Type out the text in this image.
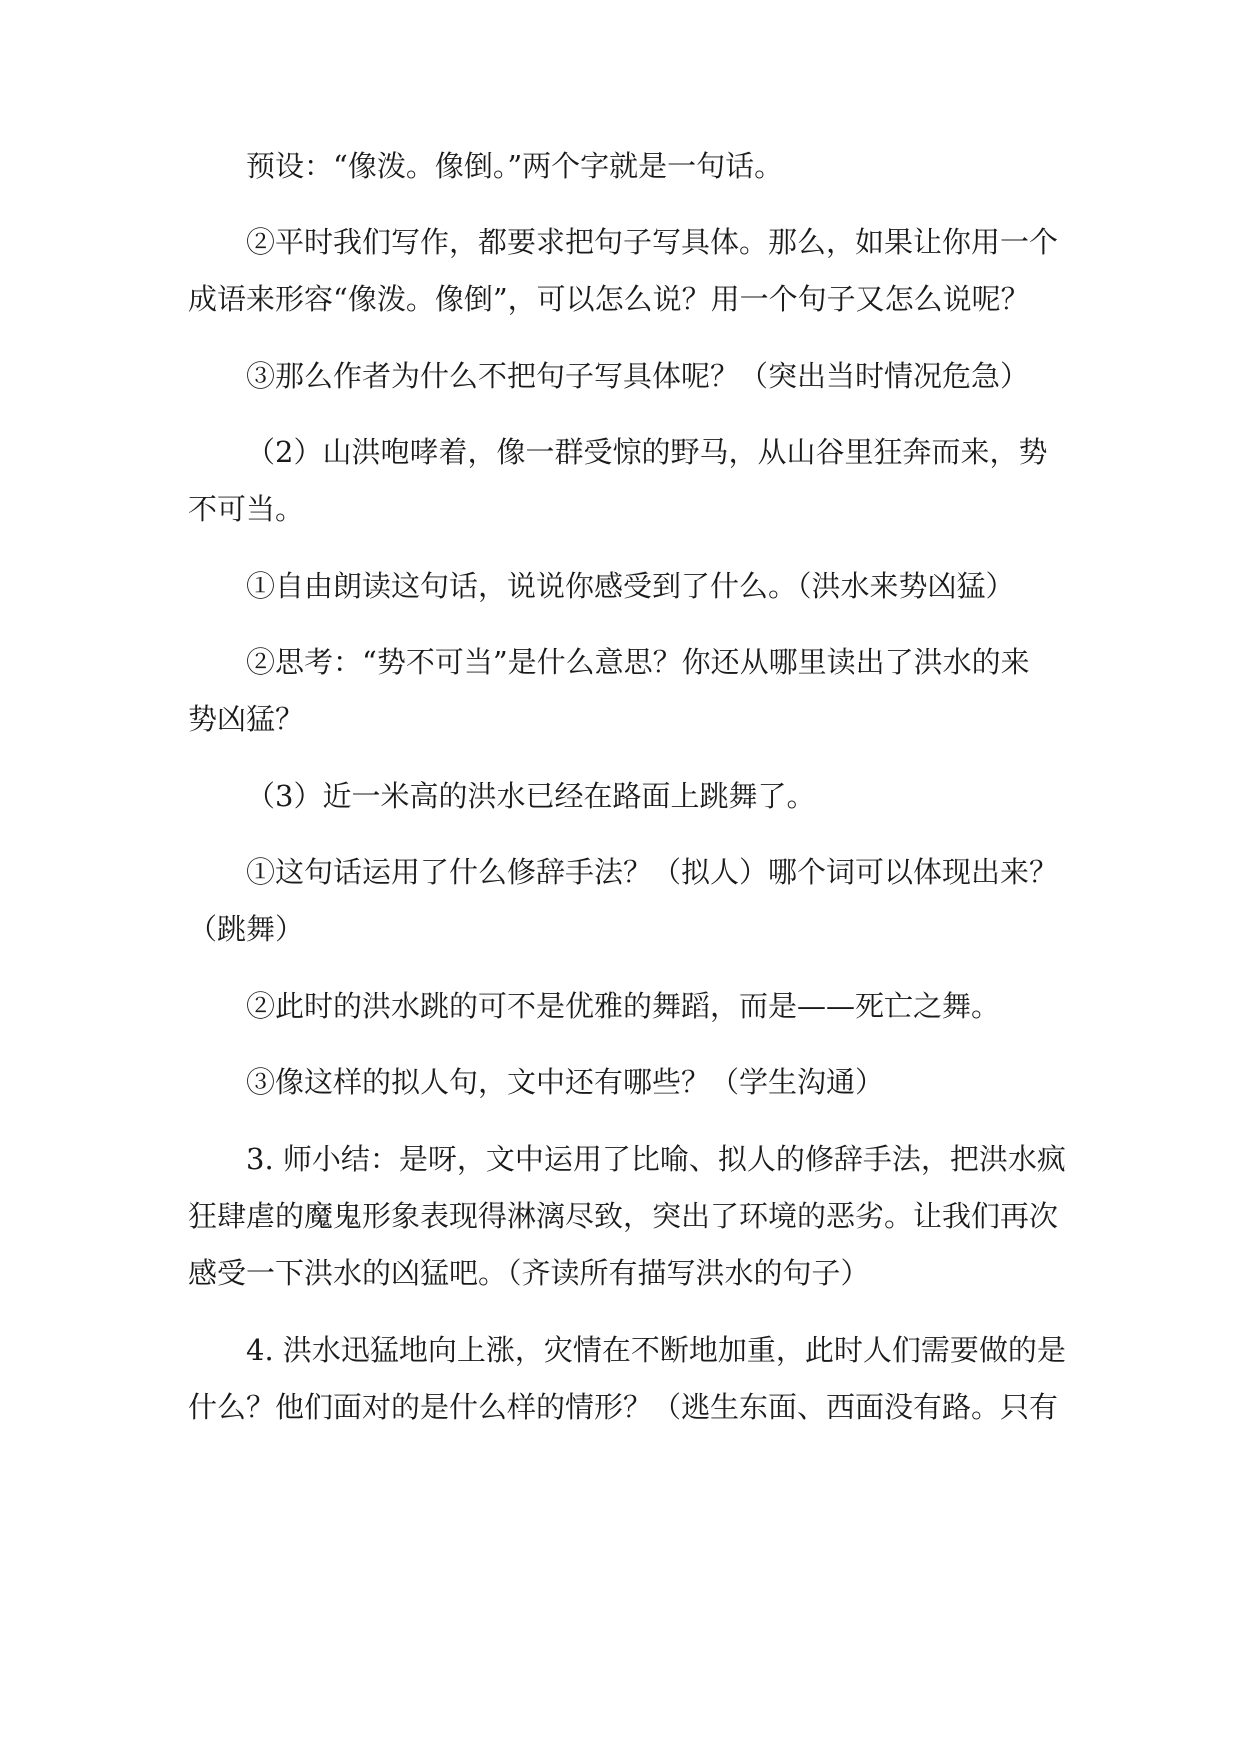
预设：“像泼。像倒。”两个字就是一句话。
②平时我们写作，都要求把句子写具体。那么，如果让你用一个
成语来形容“像泼。像倒”，可以怎么说？用一个句子又怎么说呢？
③那么作者为什么不把句子写具体呢？（突出当时情况危急）
（2）山洪咆哮着，像一群受惊的野马，从山谷里狂奔而来，势
不可当。
①自由朗读这句话，说说你感受到了什么。（洪水来势凶猛）
②思考：“势不可当”是什么意思？你还从哪里读出了洪水的来
势凶猛？
（3）近一米高的洪水已经在路面上跳舞了。
①这句话运用了什么修辞手法？（拟人）哪个词可以体现出来？
（跳舞）
②此时的洪水跳的可不是优雅的舞蹈，而是——死亡之舞。
③像这样的拟人句，文中还有哪些？（学生沟通）
3. 师小结：是呀，文中运用了比喻、拟人的修辞手法，把洪水疯
狂肆虐的魔鬼形象表现得淋漓尽致，突出了环境的恶劣。让我们再次
感受一下洪水的凶猛吧。（齐读所有描写洪水的句子）
4. 洪水迅猛地向上涨，灾情在不断地加重，此时人们需要做的是
什么？他们面对的是什么样的情形？（逃生东面、西面没有路。只有
